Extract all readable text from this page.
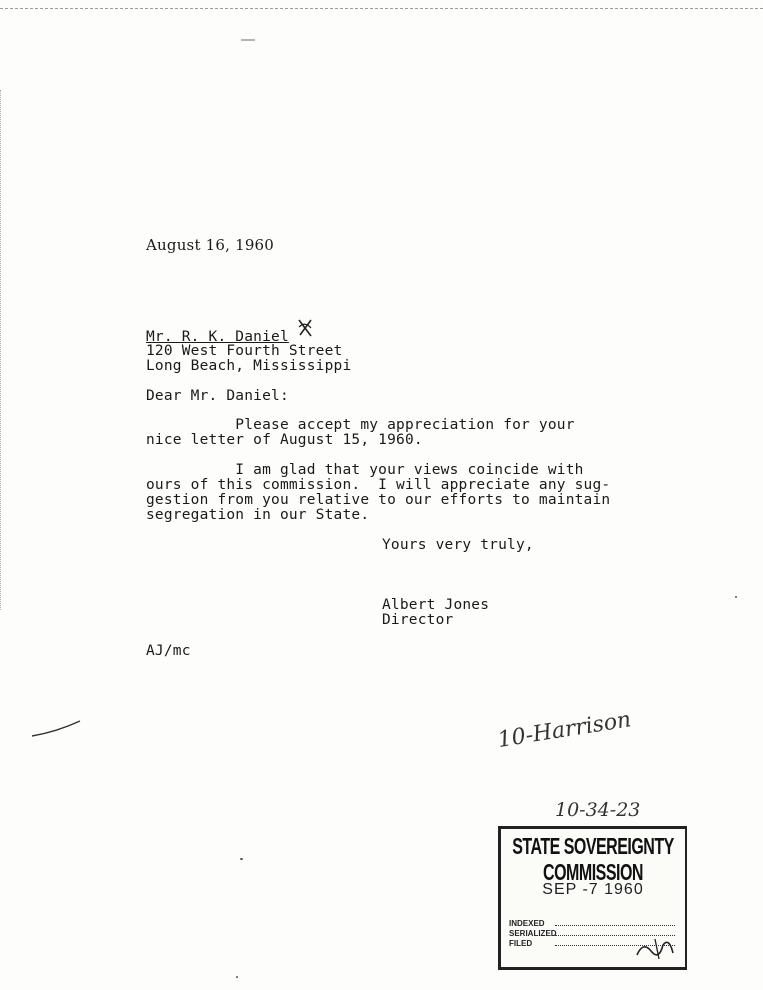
August 16, 1960
Mr. R. K. Daniel
120 West Fourth Street
Long Beach, Mississippi
Dear Mr. Daniel:
Please accept my appreciation for your
nice letter of August 15, 1960.
I am glad that your views coincide with
ours of this commission.  I will appreciate any sug-
gestion from you relative to our efforts to maintain
segregation in our State.
Yours very truly,
Albert Jones
Director
AJ/mc
10-Harrison
10-34-23
STATE SOVEREIGNTY COMMISSION
SEP -7 1960
INDEXED
SERIALIZED
FILED
